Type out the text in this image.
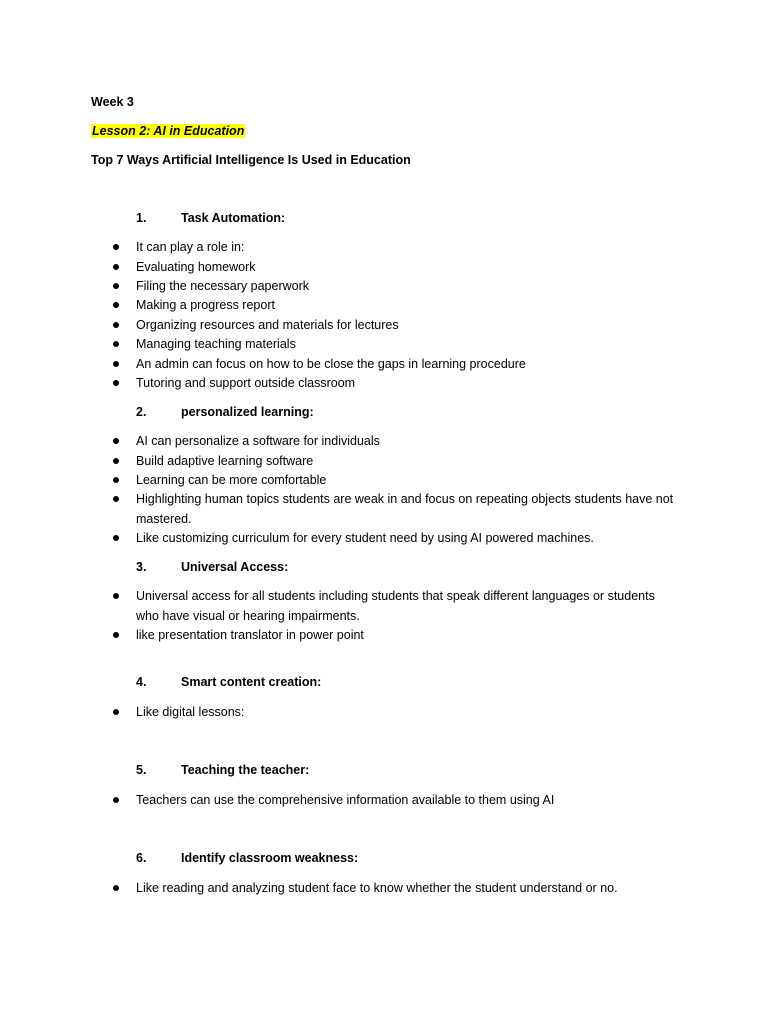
Week 3
Lesson 2: AI in Education
Top 7 Ways Artificial Intelligence Is Used in Education
1.	Task Automation:
It can play a role in:
Evaluating homework
Filing the necessary paperwork
Making a progress report
Organizing resources and materials for lectures
Managing teaching materials
An admin can focus on how to be close the gaps in learning procedure
Tutoring and support outside classroom
2.	personalized learning:
AI can personalize a software for individuals
Build adaptive learning software
Learning can be more comfortable
Highlighting human topics students are weak in and focus on repeating objects students have not mastered.
Like customizing curriculum for every student need by using AI powered machines.
3.	Universal Access:
Universal access for all students including students that speak different languages or students who have visual or hearing impairments.
like presentation translator in power point
4.	Smart content creation:
Like digital lessons:
5.	Teaching the teacher:
Teachers can use the comprehensive information available to them using AI
6.	Identify classroom weakness:
Like reading and analyzing student face to know whether the student understand or no.
